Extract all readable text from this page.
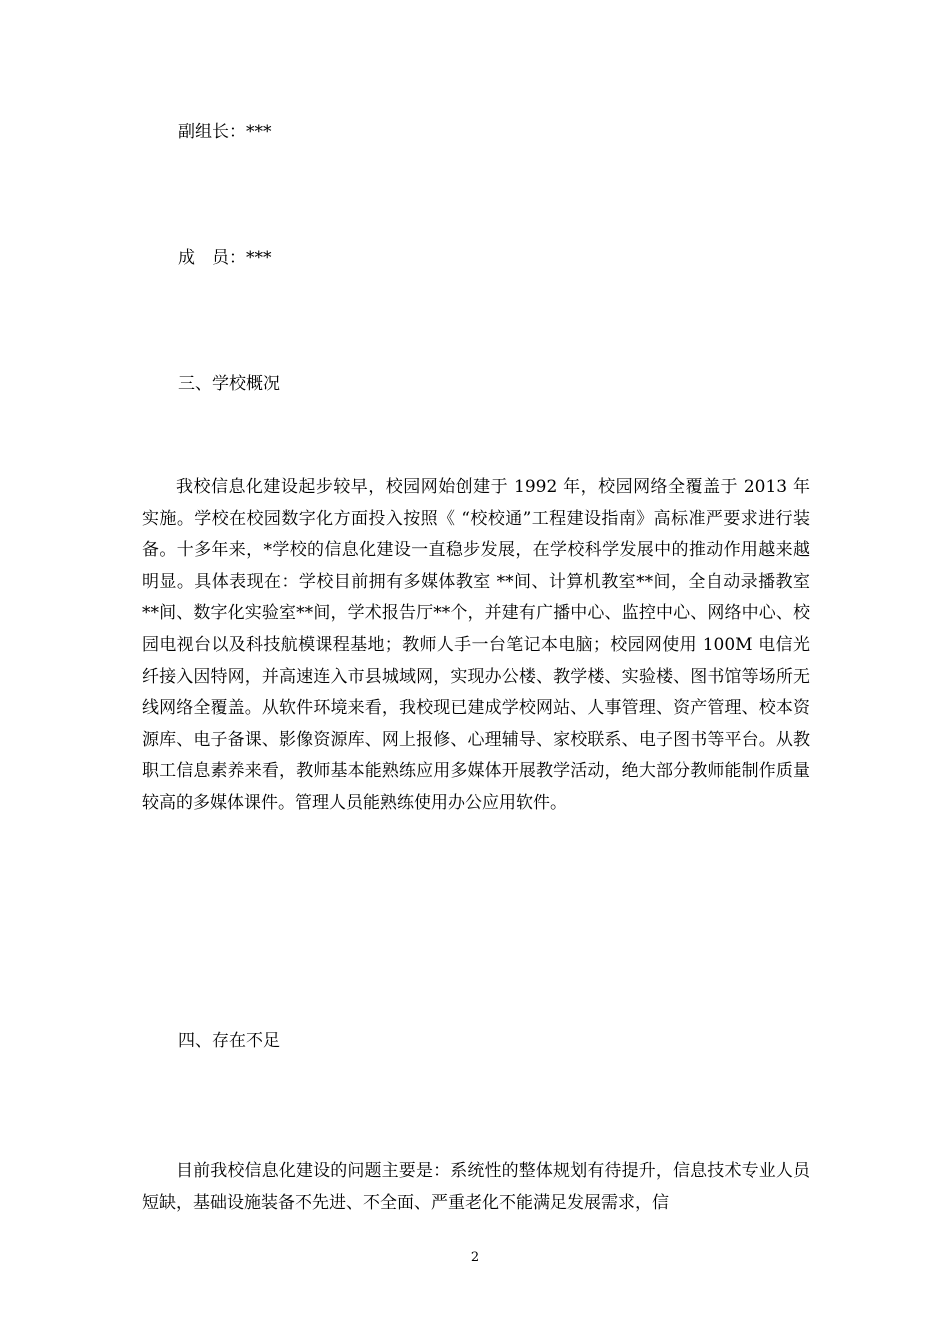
副组长：***
成　员：***
三、学校概况

我校信息化建设起步较早，校园网始创建于 1992 年，校园网络全覆盖于 2013 年实施。学校在校园数字化方面投入按照《 “校校通”工程建设指南》高标准严要求进行装备。十多年来，*学校的信息化建设一直稳步发展，在学校科学发展中的推动作用越来越明显。具体表现在：学校目前拥有多媒体教室 **间、计算机教室**间，全自动录播教室**间、数字化实验室**间，学术报告厅**个，并建有广播中心、监控中心、网络中心、校园电视台以及科技航模课程基地；教师人手一台笔记本电脑；校园网使用 100M 电信光纤接入因特网，并高速连入市县城域网，实现办公楼、教学楼、实验楼、图书馆等场所无线网络全覆盖。从软件环境来看，我校现已建成学校网站、人事管理、资产管理、校本资源库、电子备课、影像资源库、网上报修、心理辅导、家校联系、电子图书等平台。从教职工信息素养来看，教师基本能熟练应用多媒体开展教学活动，绝大部分教师能制作质量较高的多媒体课件。管理人员能熟练使用办公应用软件。

四、存在不足

目前我校信息化建设的问题主要是：系统性的整体规划有待提升，信息技术专业人员短缺，基础设施装备不先进、不全面、严重老化不能满足发展需求，信

2
